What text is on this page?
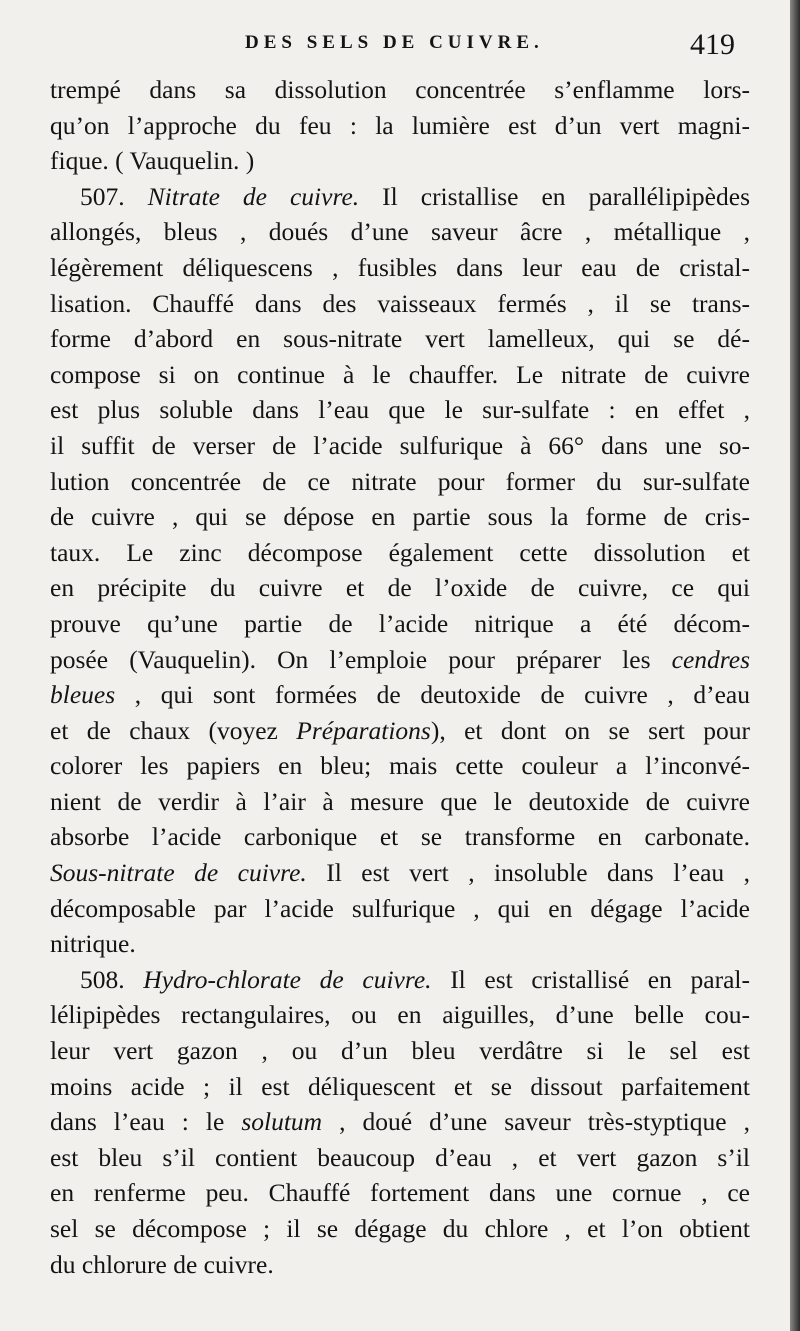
DES SELS DE CUIVRE.	419
trempé dans sa dissolution concentrée s’enflamme lors-
qu’on l’approche du feu : la lumière est d’un vert magni-
fique. ( Vauquelin. )
507. Nitrate de cuivre. Il cristallise en parallélipipèdes
allongés, bleus , doués d’une saveur âcre , métallique ,
légèrement déliquescens , fusibles dans leur eau de cristal-
lisation. Chauffé dans des vaisseaux fermés , il se trans-
forme d’abord en sous-nitrate vert lamelleux, qui se dé-
compose si on continue à le chauffer. Le nitrate de cuivre
est plus soluble dans l’eau que le sur-sulfate : en effet ,
il suffit de verser de l’acide sulfurique à 66° dans une so-
lution concentrée de ce nitrate pour former du sur-sulfate
de cuivre , qui se dépose en partie sous la forme de cris-
taux. Le zinc décompose également cette dissolution et
en précipite du cuivre et de l’oxide de cuivre, ce qui
prouve qu’une partie de l’acide nitrique a été décom-
posée (Vauquelin). On l’emploie pour préparer les cendres
bleues , qui sont formées de deutoxide de cuivre , d’eau
et de chaux (voyez Préparations), et dont on se sert pour
colorer les papiers en bleu; mais cette couleur a l’inconvé-
nient de verdir à l’air à mesure que le deutoxide de cuivre
absorbe l’acide carbonique et se transforme en carbonate.
Sous-nitrate de cuivre. Il est vert , insoluble dans l’eau ,
décomposable par l’acide sulfurique , qui en dégage l’acide
nitrique.
508. Hydro-chlorate de cuivre. Il est cristallisé en paral-
lélipipèdes rectangulaires, ou en aiguilles, d’une belle cou-
leur vert gazon , ou d’un bleu verdâtre si le sel est
moins acide ; il est déliquescent et se dissout parfaitement
dans l’eau : le solutum , doué d’une saveur très-styptique ,
est bleu s’il contient beaucoup d’eau , et vert gazon s’il
en renferme peu. Chauffé fortement dans une cornue , ce
sel se décompose ; il se dégage du chlore , et l’on obtient
du chlorure de cuivre.
